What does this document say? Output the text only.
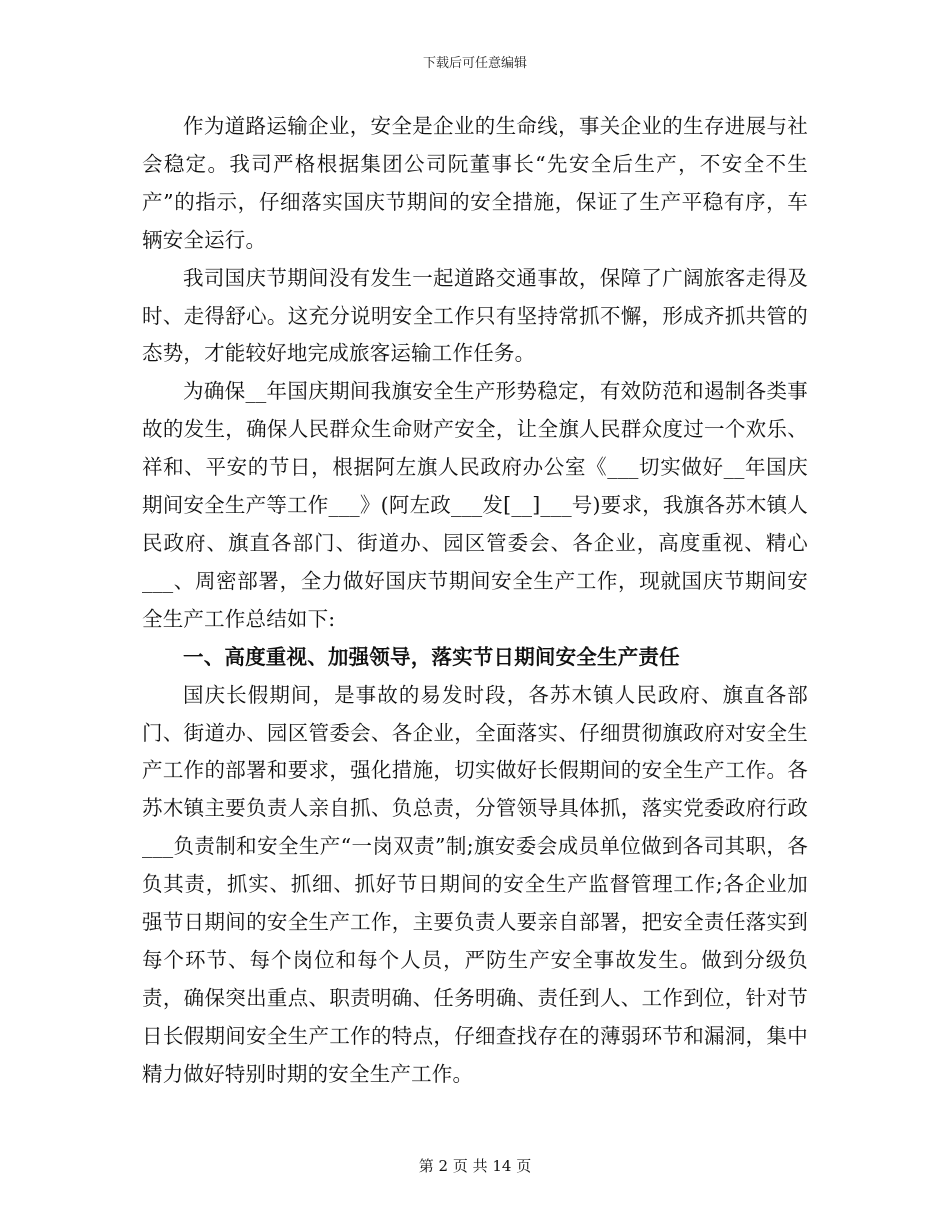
下载后可任意编辑

作为道路运输企业，安全是企业的生命线，事关企业的生存进展与社会稳定。我司严格根据集团公司阮董事长“先安全后生产，不安全不生产”的指示，仔细落实国庆节期间的安全措施，保证了生产平稳有序，车辆安全运行。

我司国庆节期间没有发生一起道路交通事故，保障了广阔旅客走得及时、走得舒心。这充分说明安全工作只有坚持常抓不懈，形成齐抓共管的态势，才能较好地完成旅客运输工作任务。

为确保__年国庆期间我旗安全生产形势稳定，有效防范和遏制各类事故的发生，确保人民群众生命财产安全，让全旗人民群众度过一个欢乐、祥和、平安的节日，根据阿左旗人民政府办公室《___切实做好__年国庆期间安全生产等工作___》(阿左政___发[__]___号)要求，我旗各苏木镇人民政府、旗直各部门、街道办、园区管委会、各企业，高度重视、精心___、周密部署，全力做好国庆节期间安全生产工作，现就国庆节期间安全生产工作总结如下:

一、高度重视、加强领导，落实节日期间安全生产责任

国庆长假期间，是事故的易发时段，各苏木镇人民政府、旗直各部门、街道办、园区管委会、各企业，全面落实、仔细贯彻旗政府对安全生产工作的部署和要求，强化措施，切实做好长假期间的安全生产工作。各苏木镇主要负责人亲自抓、负总责，分管领导具体抓，落实党委政府行政___负责制和安全生产“一岗双责”制;旗安委会成员单位做到各司其职，各负其责，抓实、抓细、抓好节日期间的安全生产监督管理工作;各企业加强节日期间的安全生产工作，主要负责人要亲自部署，把安全责任落实到每个环节、每个岗位和每个人员，严防生产安全事故发生。做到分级负责，确保突出重点、职责明确、任务明确、责任到人、工作到位，针对节日长假期间安全生产工作的特点，仔细查找存在的薄弱环节和漏洞，集中精力做好特别时期的安全生产工作。

第 2 页 共 14 页
